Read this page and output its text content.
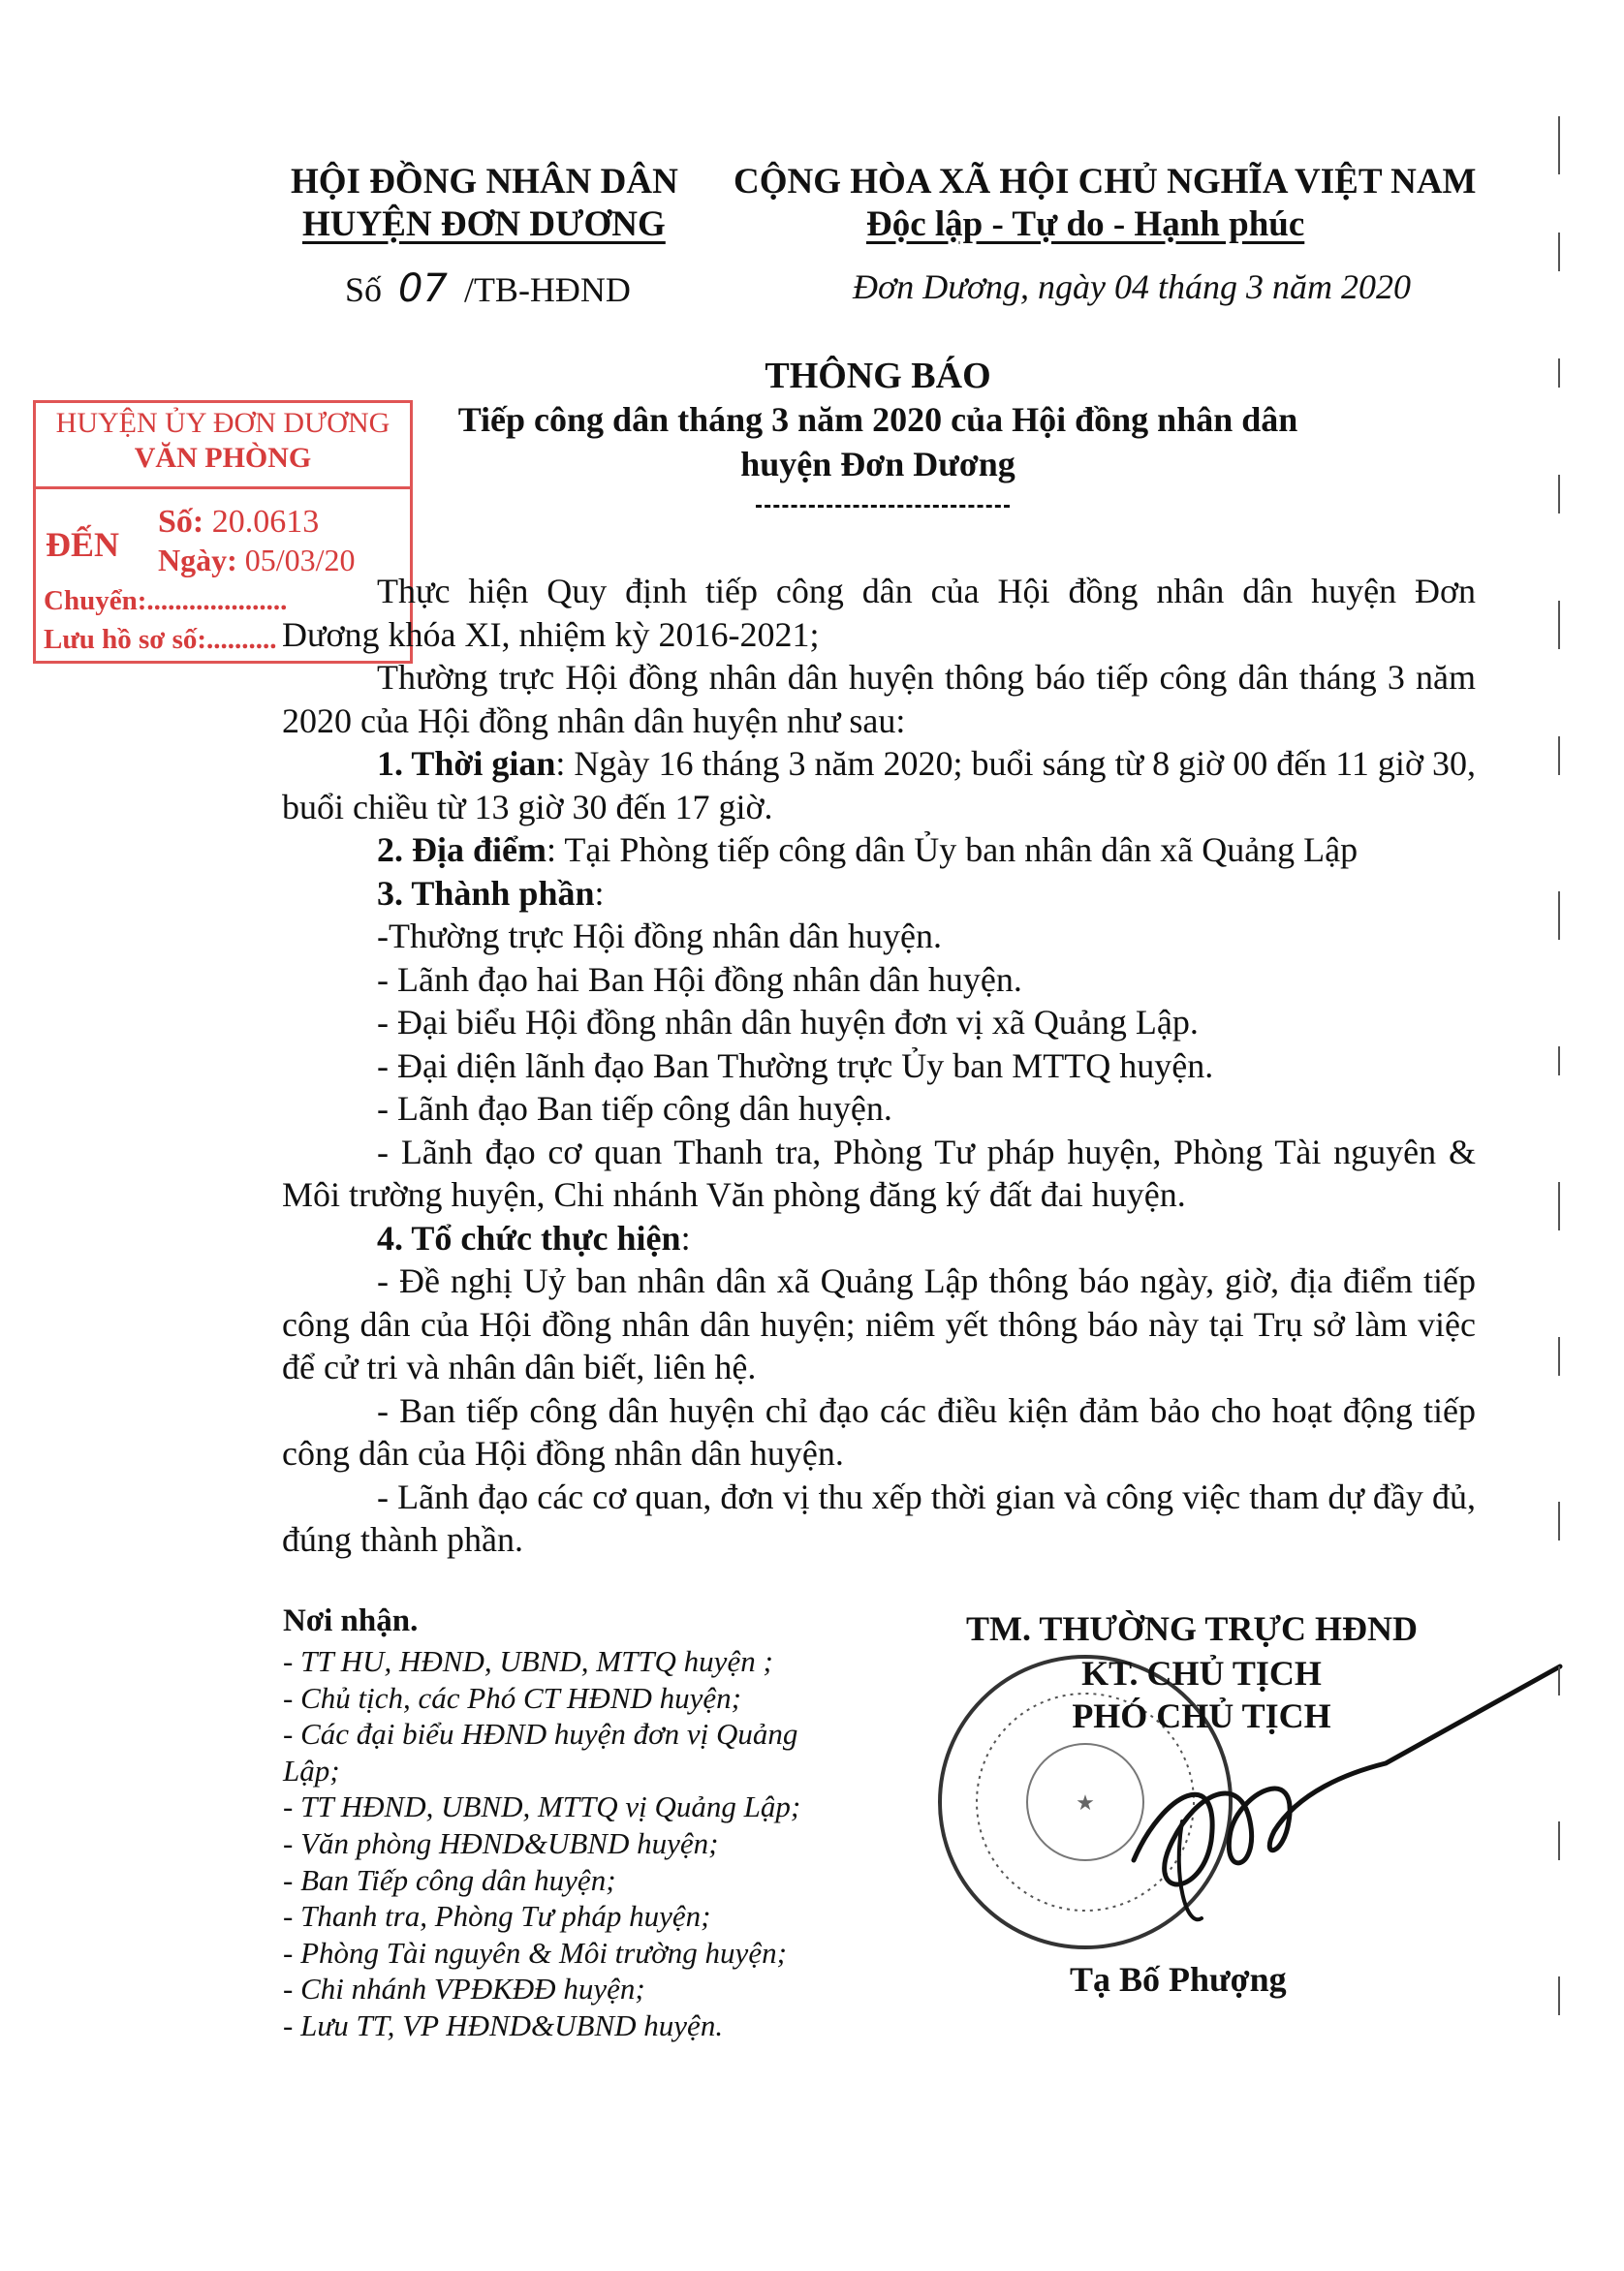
HỘI ĐỒNG NHÂN DÂN
HUYỆN ĐƠN DƯƠNG
Số 07 /TB-HĐND
CỘNG HÒA XÃ HỘI CHỦ NGHĨA VIỆT NAM
Độc lập - Tự do - Hạnh phúc
Đơn Dương, ngày 04 tháng 3 năm 2020
THÔNG BÁO
Tiếp công dân tháng 3 năm 2020 của Hội đồng nhân dân
huyện Đơn Dương
HUYỆN ỦY ĐƠN DƯƠNG
VĂN PHÒNG
ĐẾN
Số: 20.0613
Ngày: 05/03/20
Chuyển:....................
Lưu hồ sơ số:..........

Thực hiện Quy định tiếp công dân của Hội đồng nhân dân huyện Đơn

Dương khóa XI, nhiệm kỳ 2016-2021;

Thường trực Hội đồng nhân dân huyện thông báo tiếp công dân tháng 3 năm 2020 của Hội đồng nhân dân huyện như sau:

1. Thời gian: Ngày 16 tháng 3 năm 2020; buổi sáng từ 8 giờ 00 đến 11 giờ 30, buổi chiều từ 13 giờ 30 đến 17 giờ.

2. Địa điểm: Tại Phòng tiếp công dân Ủy ban nhân dân xã Quảng Lập

3. Thành phần:

-Thường trực Hội đồng nhân dân huyện.

- Lãnh đạo hai Ban Hội đồng nhân dân huyện.

- Đại biểu Hội đồng nhân dân huyện đơn vị xã Quảng Lập.

- Đại diện lãnh đạo Ban Thường trực Ủy ban MTTQ huyện.

- Lãnh đạo Ban tiếp công dân huyện.

- Lãnh đạo cơ quan Thanh tra, Phòng Tư pháp huyện, Phòng Tài nguyên & Môi trường huyện, Chi nhánh Văn phòng đăng ký đất đai huyện.

4. Tổ chức thực hiện:

- Đề nghị Uỷ ban nhân dân xã Quảng Lập thông báo ngày, giờ, địa điểm tiếp công dân của Hội đồng nhân dân huyện; niêm yết thông báo này tại Trụ sở làm việc để cử tri và nhân dân biết, liên hệ.

- Ban tiếp công dân huyện chỉ đạo các điều kiện đảm bảo cho hoạt động tiếp công dân của Hội đồng nhân dân huyện.

- Lãnh đạo các cơ quan, đơn vị thu xếp thời gian và công việc tham dự đầy đủ, đúng thành phần.

Nơi nhận.
- TT HU, HĐND, UBND, MTTQ huyện ;
- Chủ tịch, các Phó CT HĐND huyện;
- Các đại biểu HĐND huyện đơn vị Quảng Lập;
- TT HĐND, UBND, MTTQ vị Quảng Lập;
- Văn phòng HĐND&UBND huyện;
- Ban Tiếp công dân huyện;
- Thanh tra, Phòng Tư pháp huyện;
- Phòng Tài nguyên & Môi trường huyện;
- Chi nhánh VPĐKĐĐ huyện;
- Lưu TT, VP HĐND&UBND huyện.
★
TM. THƯỜNG TRỰC HĐND
KT. CHỦ TỊCH
PHÓ CHỦ TỊCH
Tạ Bố Phượng
